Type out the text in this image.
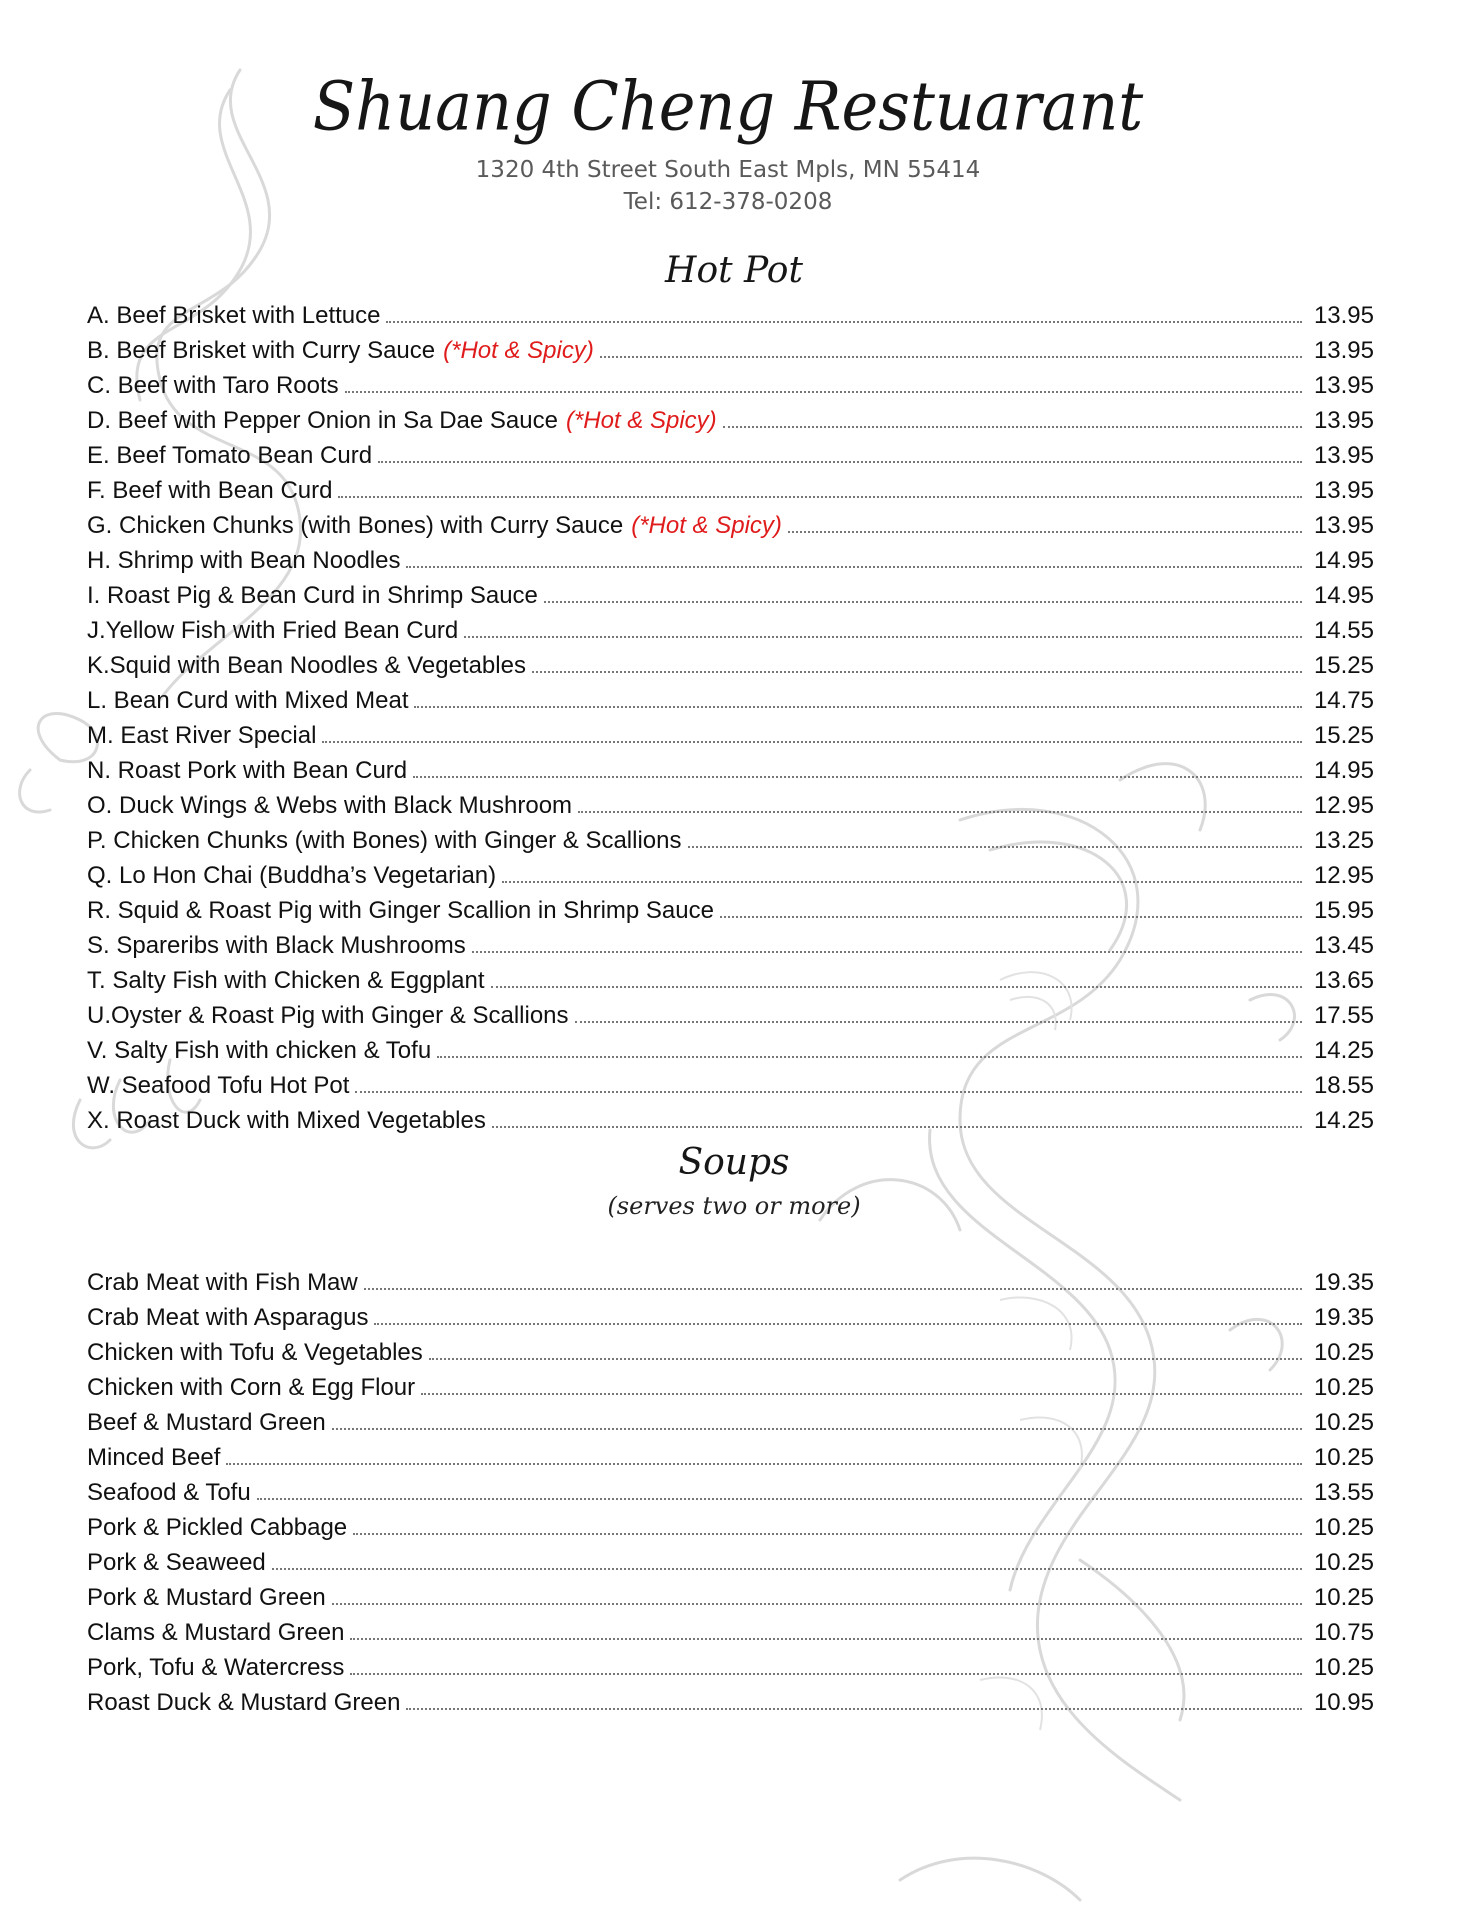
Shuang Cheng Restuarant
1320 4th Street South East Mpls, MN 55414
Tel: 612-378-0208
Hot Pot
A. Beef Brisket with Lettuce	13.95
B. Beef Brisket with Curry Sauce (*Hot & Spicy)	13.95
C. Beef with Taro Roots	13.95
D. Beef with Pepper Onion in Sa Dae Sauce (*Hot & Spicy)	13.95
E. Beef Tomato Bean Curd	13.95
F. Beef with Bean Curd	13.95
G. Chicken Chunks (with Bones) with Curry Sauce (*Hot & Spicy)	13.95
H. Shrimp with Bean Noodles	14.95
I. Roast Pig & Bean Curd in Shrimp Sauce	14.95
J.Yellow Fish with Fried Bean Curd	14.55
K.Squid with Bean Noodles & Vegetables	15.25
L. Bean Curd with Mixed Meat	14.75
M. East River Special	15.25
N. Roast Pork with Bean Curd	14.95
O. Duck Wings & Webs with Black Mushroom	12.95
P. Chicken Chunks (with Bones) with Ginger & Scallions	13.25
Q. Lo Hon Chai (Buddha’s Vegetarian)	12.95
R. Squid & Roast Pig with Ginger Scallion in Shrimp Sauce	15.95
S. Spareribs with Black Mushrooms	13.45
T. Salty Fish with Chicken & Eggplant	13.65
U.Oyster & Roast Pig with Ginger & Scallions	17.55
V. Salty Fish with chicken & Tofu	14.25
W. Seafood Tofu Hot Pot	18.55
X. Roast Duck with Mixed Vegetables	14.25
Soups
(serves two or more)
Crab Meat with Fish Maw	19.35
Crab Meat with Asparagus	19.35
Chicken with Tofu & Vegetables	10.25
Chicken with Corn & Egg Flour	10.25
Beef & Mustard Green	10.25
Minced Beef	10.25
Seafood & Tofu	13.55
Pork & Pickled Cabbage	10.25
Pork & Seaweed	10.25
Pork & Mustard Green	10.25
Clams & Mustard Green	10.75
Pork, Tofu & Watercress	10.25
Roast Duck & Mustard Green	10.95
